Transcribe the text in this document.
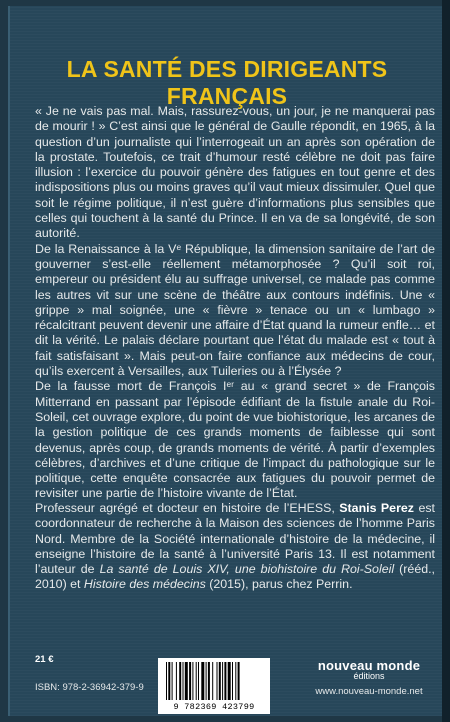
LA SANTÉ DES DIRIGEANTS FRANÇAIS

« Je ne vais pas mal. Mais, rassurez-vous, un jour, je ne manquerai pas de mourir ! » C’est ainsi que le général de Gaulle répondit, en 1965, à la question d’un journaliste qui l’interrogeait un an après son opération de la prostate. Toutefois, ce trait d’humour resté célèbre ne doit pas faire illusion : l’exercice du pouvoir génère des fatigues en tout genre et des indispositions plus ou moins graves qu’il vaut mieux dissimuler. Quel que soit le régime politique, il n’est guère d’informations plus sensibles que celles qui touchent à la santé du Prince. Il en va de sa longévité, de son autorité.

De la Renaissance à la Vᵉ République, la dimension sanitaire de l’art de gouverner s’est-elle réellement métamorphosée ? Qu’il soit roi, empereur ou président élu au suffrage universel, ce malade pas comme les autres vit sur une scène de théâtre aux contours indéfinis. Une « grippe » mal soignée, une « fièvre » tenace ou un « lumbago » récalcitrant peuvent devenir une affaire d’État quand la rumeur enfle… et dit la vérité. Le palais déclare pourtant que l’état du malade est « tout à fait satisfaisant ». Mais peut-on faire confiance aux médecins de cour, qu’ils exercent à Versailles, aux Tuileries ou à l’Élysée ?

De la fausse mort de François Iᵉʳ au « grand secret » de François Mitterrand en passant par l’épisode édifiant de la fistule anale du Roi-Soleil, cet ouvrage explore, du point de vue biohistorique, les arcanes de la gestion politique de ces grands moments de faiblesse qui sont devenus, après coup, de grands moments de vérité. À partir d’exemples célèbres, d’archives et d’une critique de l’impact du pathologique sur le politique, cette enquête consacrée aux fatigues du pouvoir permet de revisiter une partie de l’histoire vivante de l’État.

Professeur agrégé et docteur en histoire de l’EHESS, Stanis Perez est coordonnateur de recherche à la Maison des sciences de l’homme Paris Nord. Membre de la Société internationale d’histoire de la médecine, il enseigne l’histoire de la santé à l’université Paris 13. Il est notamment l’auteur de La santé de Louis XIV, une biohistoire du Roi-Soleil (rééd., 2010) et Histoire des médecins (2015), parus chez Perrin.

21 €
ISBN: 978-2-36942-379-9
9 782369 423799
nouveau monde
éditions
www.nouveau-monde.net
